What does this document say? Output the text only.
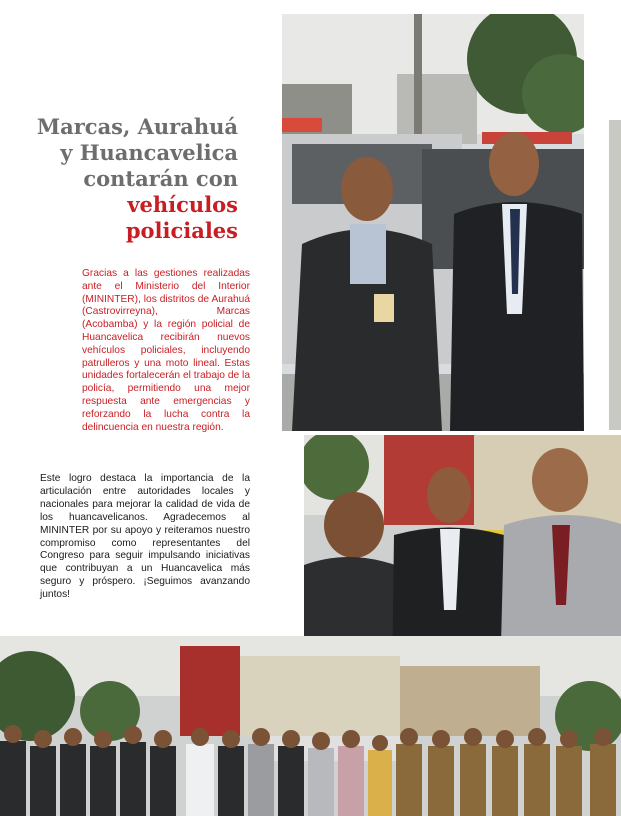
Marcas, Aurahuá
y Huancavelica
contarán con
vehículos
policiales
Gracias a las gestiones realizadas ante el Ministerio del Interior (MININTER), los distritos de Aurahuá (Castrovirreyna), Marcas (Acobamba) y la región policial de Huancavelica recibirán nuevos vehículos policiales, incluyendo patrulleros y una moto lineal. Estas unidades fortalecerán el trabajo de la policía, permitiendo una mejor respuesta ante emergencias y reforzando la lucha contra la delincuencia en nuestra región.
Este logro destaca la importancia de la articulación entre autoridades locales y nacionales para mejorar la calidad de vida de los huancavelicanos. Agradecemos al MININTER por su apoyo y reiteramos nuestro compromiso como representantes del Congreso para seguir impulsando iniciativas que contribuyan a un Huancavelica más seguro y próspero. ¡Seguimos avanzando juntos!
